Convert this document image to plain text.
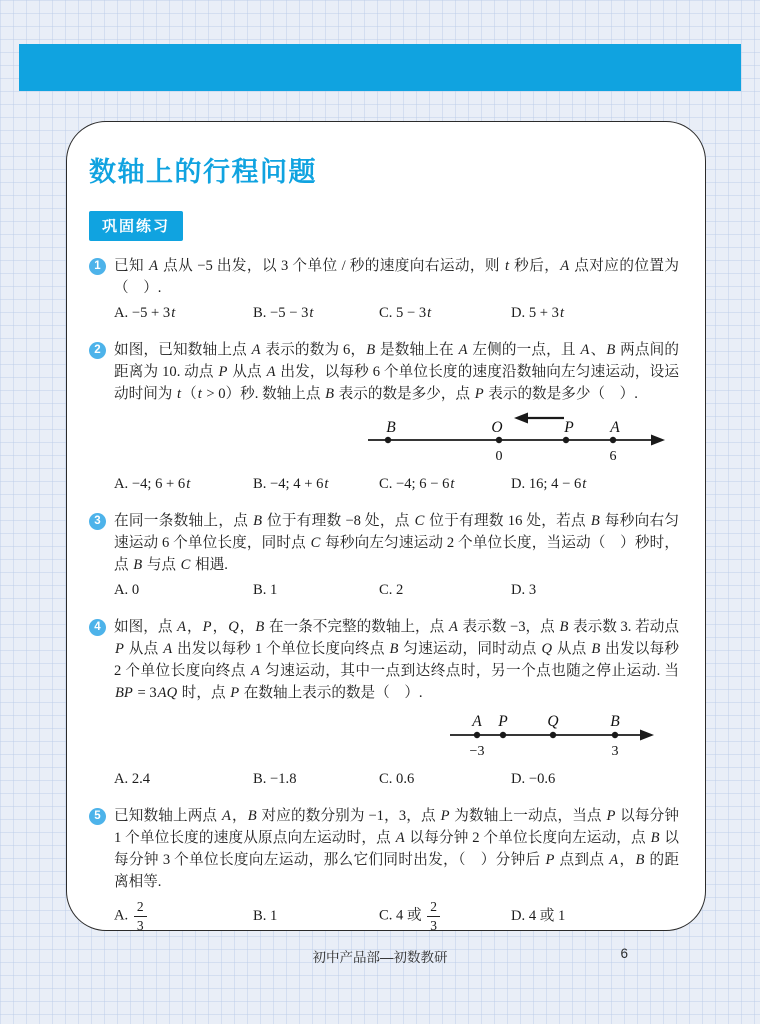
数轴上的行程问题
巩固练习
1 已知 A 点从 −5 出发，以 3 个单位 / 秒的速度向右运动，则 t 秒后，A 点对应的位置为（　）.
A. −5 + 3t	B. −5 − 3t	C. 5 − 3t	D. 5 + 3t
2 如图，已知数轴上点 A 表示的数为 6，B 是数轴上在 A 左侧的一点，且 A、B 两点间的距离为 10. 动点 P 从点 A 出发，以每秒 6 个单位长度的速度沿数轴向左匀速运动，设运动时间为 t（t > 0）秒. 数轴上点 B 表示的数是多少，点 P 表示的数是多少（　）.
B	O	P A
0	6
A. −4; 6 + 6t	B. −4; 4 + 6t	C. −4; 6 − 6t	D. 16; 4 − 6t
3 在同一条数轴上，点 B 位于有理数 −8 处，点 C 位于有理数 16 处，若点 B 每秒向右匀速运动 6 个单位长度，同时点 C 每秒向左匀速运动 2 个单位长度，当运动（　）秒时，点 B 与点 C 相遇.
A. 0	B. 1	C. 2	D. 3
4 如图，点 A，P，Q，B 在一条不完整的数轴上，点 A 表示数 −3，点 B 表示数 3. 若动点 P 从点 A 出发以每秒 1 个单位长度向终点 B 匀速运动，同时动点 Q 从点 B 出发以每秒 2 个单位长度向终点 A 匀速运动，其中一点到达终点时，另一个点也随之停止运动. 当 BP = 3AQ 时，点 P 在数轴上表示的数是（　）.
A P	Q	B
−3	3
A. 2.4	B. −1.8	C. 0.6	D. −0.6
5 已知数轴上两点 A，B 对应的数分别为 −1，3，点 P 为数轴上一动点，当点 P 以每分钟 1 个单位长度的速度从原点向左运动时，点 A 以每分钟 2 个单位长度向左运动，点 B 以每分钟 3 个单位长度向左运动，那么它们同时出发，（　）分钟后 P 点到点 A，B 的距离相等.
A. $\frac{2}{3}$	B. 1	C. 4 或 $\frac{2}{3}$	D. 4 或 1
初中产品部—初数教研	6
